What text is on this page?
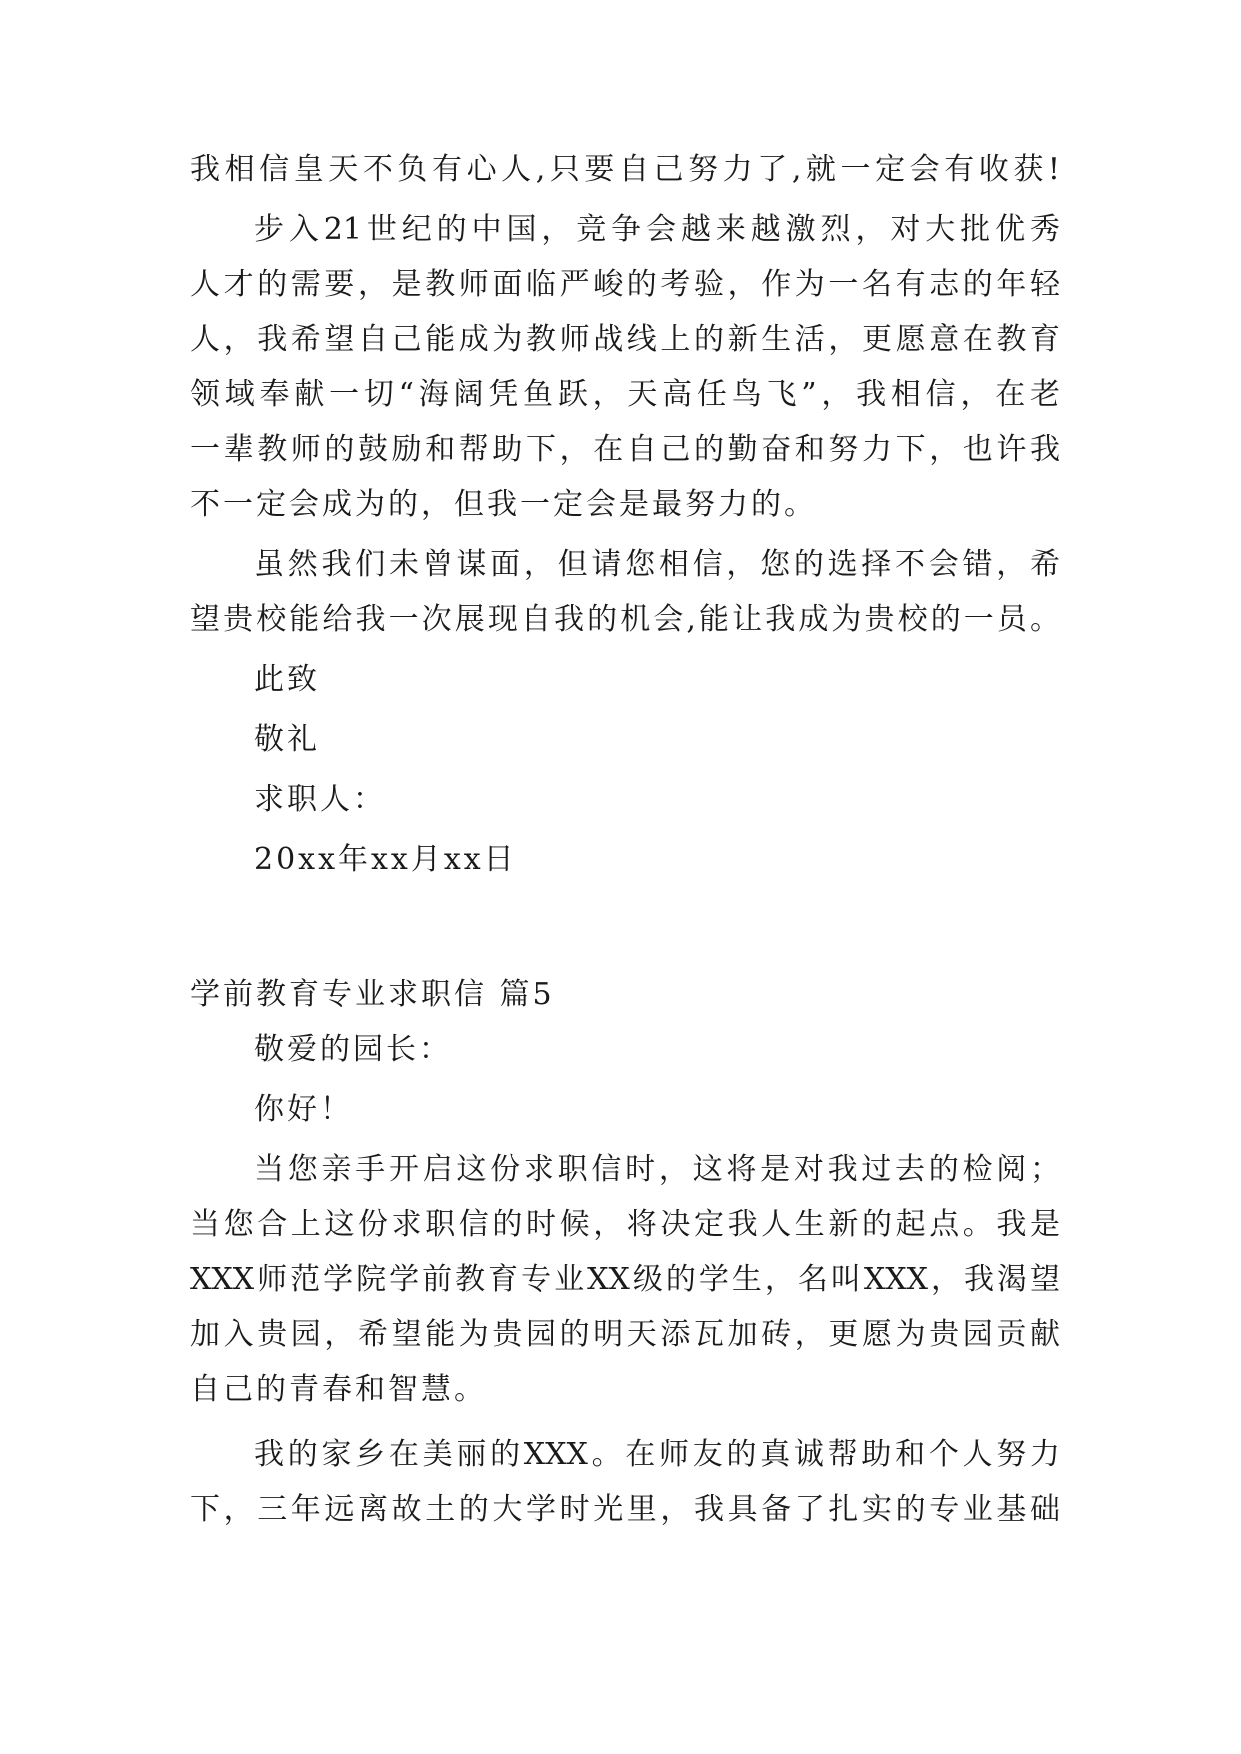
我相信皇天不负有心人,只要自己努力了,就一定会有收获!
步入21世纪的中国，竞争会越来越激烈，对大批优秀
人才的需要，是教师面临严峻的考验，作为一名有志的年轻
人，我希望自己能成为教师战线上的新生活，更愿意在教育
领域奉献一切“海阔凭鱼跃，天高任鸟飞”，我相信，在老
一辈教师的鼓励和帮助下，在自己的勤奋和努力下，也许我
不一定会成为的，但我一定会是最努力的。
虽然我们未曾谋面，但请您相信，您的选择不会错，希
望贵校能给我一次展现自我的机会,能让我成为贵校的一员。
此致
敬礼
求职人：
20xx年xx月xx日
学前教育专业求职信 篇5
敬爱的园长：
你好！
当您亲手开启这份求职信时，这将是对我过去的检阅；
当您合上这份求职信的时候，将决定我人生新的起点。我是
XXX师范学院学前教育专业XX级的学生，名叫XXX，我渴望
加入贵园，希望能为贵园的明天添瓦加砖，更愿为贵园贡献
自己的青春和智慧。
我的家乡在美丽的XXX。在师友的真诚帮助和个人努力
下，三年远离故土的大学时光里，我具备了扎实的专业基础
